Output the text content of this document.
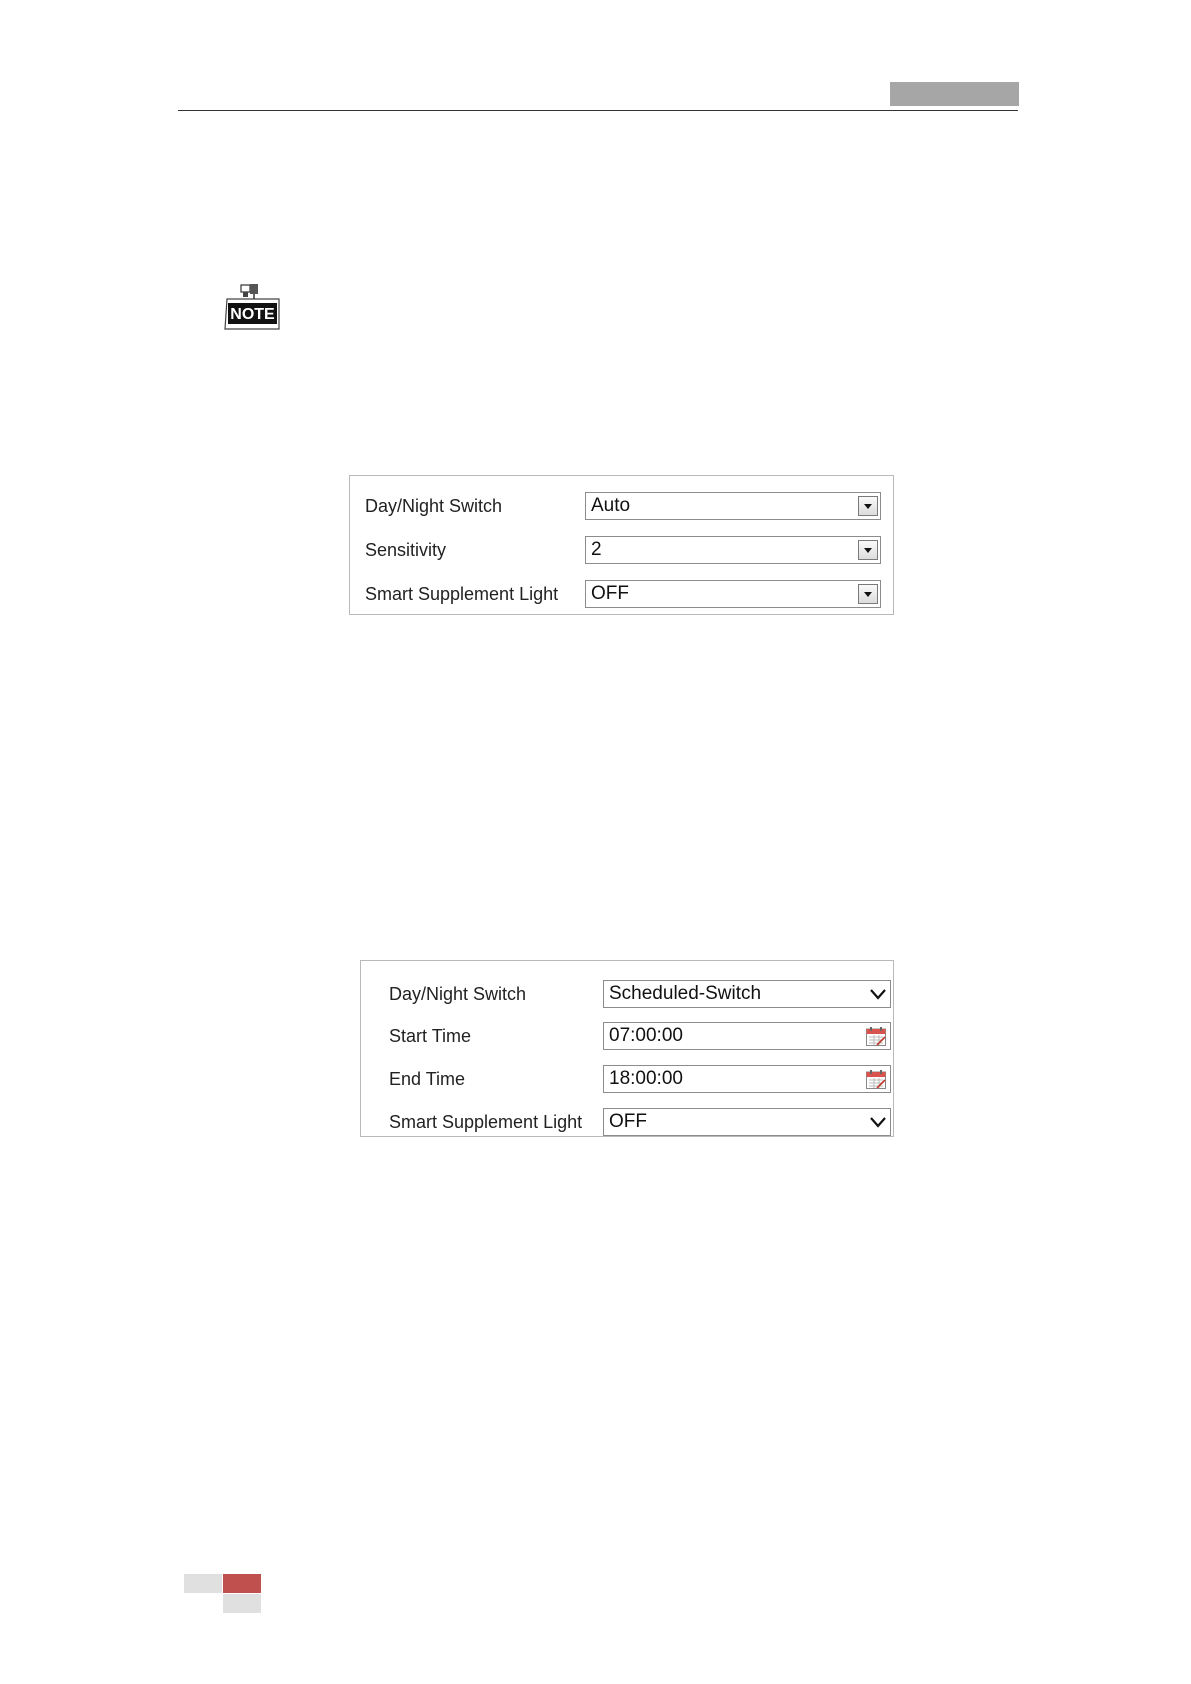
NOTE
Day/Night Switch	Auto
Sensitivity	2
Smart Supplement Light	OFF
Day/Night Switch	Scheduled-Switch
Start Time	07:00:00
End Time	18:00:00
Smart Supplement Light	OFF
